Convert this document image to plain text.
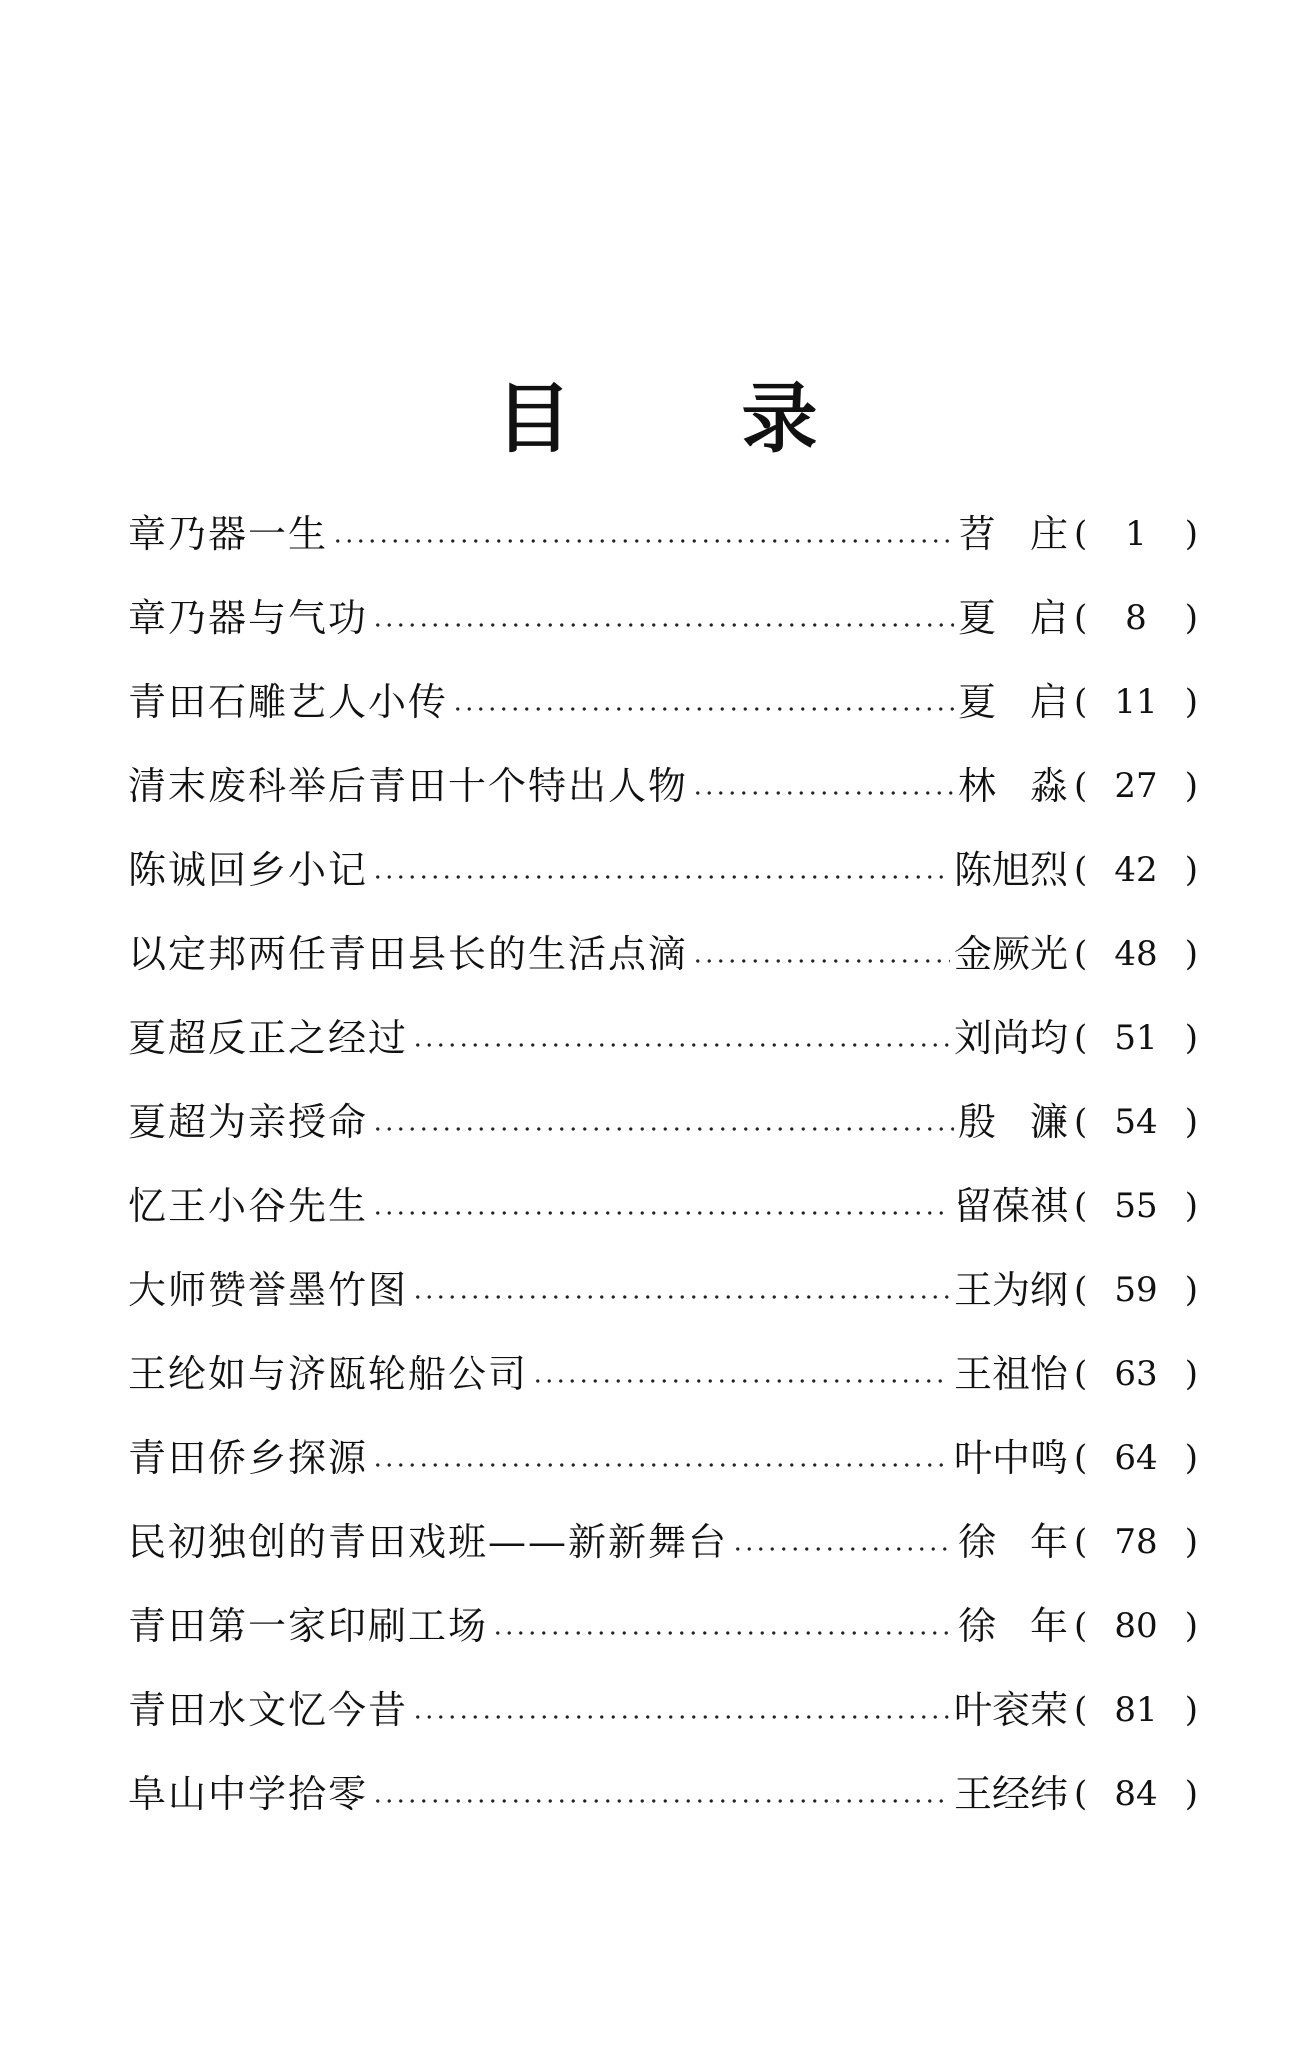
目 录
章乃器一生	苕 庄 (	1	)
章乃器与气功	夏 启 (	8	)
青田石雕艺人小传	夏 启 ( 11 )
清末废科举后青田十个特出人物	林 淼 ( 27 )
陈诚回乡小记	陈旭烈 ( 42 )
以定邦两任青田县长的生活点滴	金厥光 ( 48 )
夏超反正之经过	刘尚均 ( 51 )
夏超为亲授命	殷 濂 ( 54 )
忆王小谷先生	留葆祺 ( 55 )
大师赞誉墨竹图	王为纲 ( 59 )
王纶如与济瓯轮船公司	王祖怡 ( 63 )
青田侨乡探源	叶中鸣 ( 64 )
民初独创的青田戏班——新新舞台	徐 年 ( 78 )
青田第一家印刷工场	徐 年 ( 80 )
青田水文忆今昔	叶衮荣 ( 81 )
阜山中学拾零	王经纬 ( 84 )
